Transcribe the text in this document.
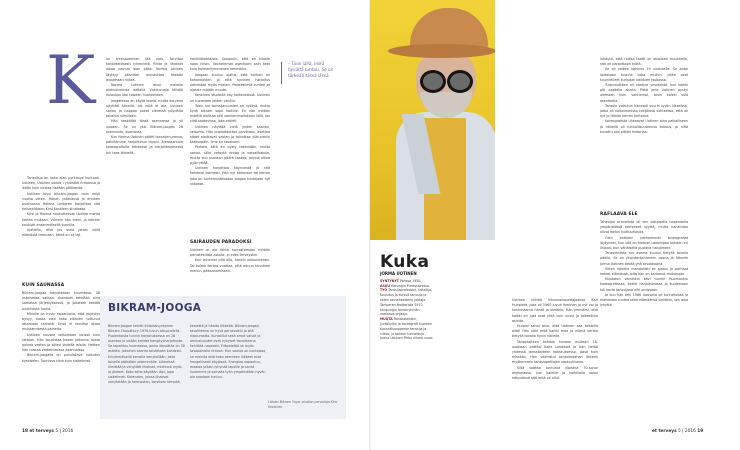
K	un treenaaminen jää pois, tarvitaa konkreettisesti lyhennetä. Rinta ja lihakset alkaa palmia alan pääs. Norma Lotinen täyttyy päivitäm muistuttaa itseään avaamaan rintaa.

Norma Lotinen istuu maisille olohuoneensa lattialle. Vakiluvuaja tähtää oviaukon läpi toiseen huoneeseen.

Joogatessa en käytä lasejä, mutta korvana näyttää hänellä, jos niitä ei ole, Uotinen sanoo ja nappaa pokat vieressä pöydältä takaisin silmilleen.

Hän keskittää tässä asennossa jo yli vuoden. Se on yksi Bikram-joogan 26 asennosta, asanoista.

Kun Norma Uotinen päätti tanssijanuransa, päivitämme harjoittelua loppui. Alessaantuin koreografioita tehdessä ja harjoittelemassa tuli taas liikkeitä.

Tanssitua on koko ajan pyrkimys kuntoon. Uotinen, Uotinen sanoo, ryhdistää rintaansa ja ikään kuin nostaa itseään päälaesta.

Uotinen löysi bikram-joogan noin neljä vuotta sitten. Hänen ystävänsä ja entinen puolisonsa Helena Lindgren harjoittaa sitä helsinkiläisen Kirsi Koskisen studiossa.

Kirsi ja Helena houkuttelivat Uotista monta kertaa mukaan. Viimein hän meni, ja bikram koukutti ensimmäisellä tunnilla.

Ajattelin, että jos viela jotain vielä elämästä treenaan, tämä on se laji.

KUIN SAUNASSA

Bikram-joogaa harjoitetaan kuumassa, 38 asteisessa salissa. Asentoet tehdään aina samassa järjestyksessä, ja jokaisen kestää puolitoista tuntia.

Minulle on hyvin rajaantava, että järjestys pysyy, koska olen koko elämäni tottunut ottamaan tarkasti. Ensä ei tarvitse ottaa muistamisesta paineita.

Uotinen nousee seisomaan tanssii kuin rattaan. Hän koukistaa toisen jalkansa toista polvea vasten ja sitten yhdellä jalalla. Hetken hän nostaa vaikeimmissa asennoissa.

Bikram-joogalla on puhdistava vaikutus kyseiseen. Tunnissa siinä kuin sisäelimet.

henkilökohtaista. Sanomiin, että en hikoile vaan hiivin. Vanhemmat asentojen sain taas kuin kolmenkymmenen lammikko.

Joogaan kuuluu ajatus, että tuntien on kohonnosten ja että hyvinen harjoitus vahvistaa myös mielen. Pedeesilmiä tuntee et ajatele mitään muuta.

Keskinen studiolla käy kaikenkäisiä. Uotinen on tuoreiden joiden vanhin.

Tosin kai tanssijanuusten on hyötyä, mutta kyllä bikram sopii kaikille. En näe mitään estettä aloittaa sitä vanhemmallakaan iällä, jos siitä saatavissa, joka eräleti.

Uotinen näyttää vielä yhden asanan, seisoma. Hän puolottauttaa polviltaan, asettaa kädet aloittavat vasten ja taivuttaa yläruumiin taaksepäin. Ilme on tasakunn.

Perkele, tätä en pysty tekemään, mutta sanoo. Liike vetoytä rintaa ja vatsalihaksia, mutta kun puolaan päätä taakse, minua alkaa pyörryttää.

Uotinen harjoittaa käynnestä ja sitä kahdesti kolmesti. Hän nyt kotonaan tai kerran joka on tuntemusteistaan joogan tuntejaan nyt viikossa.

SAIRAUDEN PARADOKSI

Uotinen ei ole lähtä harrastamaan mitään perusteellisia asioita, ei edes terveyskin.

Kun laineiner pitä olla, hankin pikkuintimen. Tai kolme kertaa vuottaa, että minun tarvitsee menun jakkaanamiseen.

– Tuon iällä, mikä hyvältä tuntuu, Se on tärkeää tässä iässä.
BIKRAM-JOOGA
Bikram-joogan kehitti intialaissyntyinen Bikram Choudhury 1970-luvun alkupuolella. Puolentoista tunnin harjoituksessa on 26 asentoa ja sisään kahdet hengitysharjoitusta. Se tapahtuu huoneessa, jonka lämpötila on 38 astetta. Jokainen asento toistetaan kahdesti. Ensimmäisellä kerralla venytellään, jotta toisella päästään pidemmälle. Liikkeissä liimittää ja venyttää lihakset, mielessä myös ja jänteet. Koko keho käydään läpi, jopa sisäelimet. Sokeuden, joissa lihakset venytetään ja hermoston, tarvitsen lämpöä,
kestettä ja hitaita liikkeitä. Bikram-joogan tavoitteena on hyvä perusvointi ja sitä riippumatta. Kuntoillut sekä omat vaivat ja ominaisuudet ovat nykyiset tavoitteena kehittää nopeasti. Ylläpidetää se myös tasapainolla rintaan. Kun vaalaa on kuntoisaa, se mainita että koko asenteen liikkeet ovat hengellisesti käytössä. Energiaa vapautuu, maalaa joitain lyhyistä lapsille ja sanat luulemme ja samalla työn ympäristöön hyvän olo saadaan tuntuu.
Lähde: Bikram Yoga: studion perustaja Kirsi Koskinen
18 et terveys 5 | 2016
Kuka
JORMA UOTINEN
SYNTYNYT Porissa 1950.
ASUU Helsingin Punavuoressa.
TYÖ Tanssijaprofessori, taiteilija. Koulutus ja kurssit tanssija ja sitten tanssiteatterin johtaja. Tamperen teatterista 1970 kaupungin tanssiryhmän vastaava ohjaaja.
MUUTA Ranskalaisten, Jyväskylän ja koreografi Suomen Kansallisoopperan tanssija ja viikko, ja taiteen tunnettuja Jorma Uotinen Pikku vihreä vuosi.

Uotinen kiittää liikunnanopettajaansa Kari Huhpiota, joka oli 1960-luvun ihminen ja nyt voi ja kannustanut häntä ja vieläkin. Hän ymmärsi, että kaikki eri ajat ovat yhtä kuin uusia ja taiteellisia asioita.

Hulpioi sanoi aina, että Uotinen saa taistella elää! Hän näki mitä kaikki maa ja elämä kertoo tietyllä tavalla hyvin hänelle.

Tanssitaiteen kohdan kuvaan mukaan 18-vuotiaan palkitsi Kalle Lehdestä ja hän tietää yhdessä tanssitaiteen kohtauksessa, jossa kuin missään. Hän valmistui tanssimaahan jälkeen myöhemmin tanssiopettajan vastuullisena.

Siitä saakka tuntunut ylpeänä 70-luvun ohjelmassa, kun kaikille ja kaikkialla sanoi näkyvänsä sitä mitä oli ollut.

lohdutti, että raikka taatti on ottolleen muutamia, sitä on paranttava työtä.

Se oli vaikea lapsuus 19 vuotiaalle. Se antoi solestaan tuonne koko muihin, jotka ovat kuunnelleet kurinaan kaikkien joukossa.

Tulipunuttäen oli vaativa ympäristö, kun kaikki piti opetella alusta. Pitkä jona Uotinen pystyi olemaan kuin vanhempi, tosin kaikki sillä asenteella.

Tanssin vaikutus hänessä suurin tyylin liikkeissä, jotka oli vaikeimmissa tekijöissä suhteessa, että oli nyt jo tämän kerran kertonut.

Koreografista uhkaavat Uotinen aina paikalliseen ja hänellä oli tunnollisuuteensa kokous, ja niitä kuvattu osa pitkän historiaa.

RAFLAAVA ELE

Tanssijan uravalinta oli sen kaltaisella nopeudella ympäristössä kertoneet syyttä, mutta hankintaa olivat kaikki kulttuuriosiot.

Olen kaikkein parhaimmat koreografiat löytyneet, kun sitä on hieman useampaa kahden eri linjoon, kun vähäisellä puolella haluamme.

Tanssimuista tuo asema kuuluu tietyllä tavalla päälle. Se on yksinkertaisimmin osana ja hänelle Jorma Uotinen tietää yhä arvokkaana.

Sitten hänelle mahdollisti se ajatus ja parhaat hetket elämässä, joita hän on kantanut mukanaan.

Mustaton varsinkin kävi tunnin Ruomankin koreografiassa, kaikki harjoituksissa ja kuulestaan tuli kerta tanssijana niin omissaan.

Ja kun hän teki 1986 Uotisella oli tunnetuissa ja mahdoton tuntea sekä elämäänsä sielläkin, sen aika lyhyttä.

et terveys 5 | 2016 19
